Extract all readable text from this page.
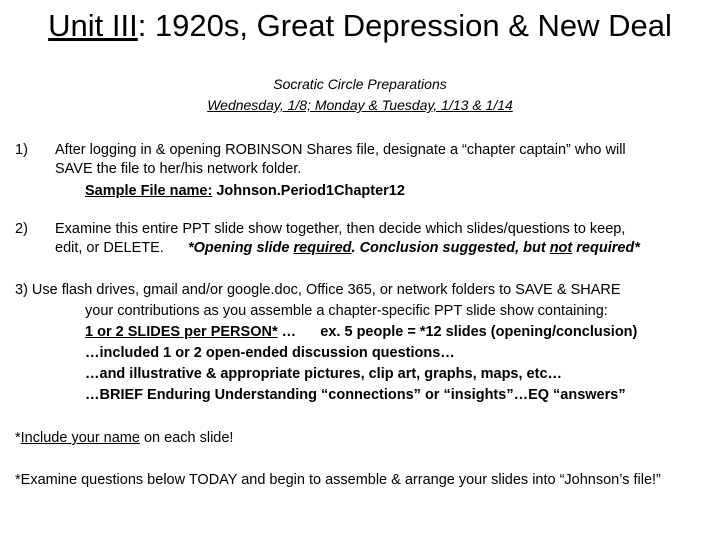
Unit III: 1920s, Great Depression & New Deal
Socratic Circle Preparations
Wednesday, 1/8; Monday & Tuesday, 1/13 & 1/14
1) After logging in & opening ROBINSON Shares file, designate a “chapter captain” who will
SAVE the file to her/his network folder.
Sample File name: Johnson.Period1Chapter12
2) Examine this entire PPT slide show together, then decide which slides/questions to keep,
edit, or DELETE.      *Opening slide required. Conclusion suggested, but not required*
3) Use flash drives, gmail and/or google.doc, Office 365, or network folders to SAVE & SHARE
your contributions as you assemble a chapter-specific PPT slide show containing:
1 or 2 SLIDES per PERSON* …      ex. 5 people = *12 slides (opening/conclusion)
…included 1 or 2 open-ended discussion questions…
…and illustrative & appropriate pictures, clip art, graphs, maps, etc…
…BRIEF Enduring Understanding “connections” or “insights”…EQ “answers”
*Include your name on each slide!
*Examine questions below TODAY and begin to assemble & arrange your slides into “Johnson’s file!”
